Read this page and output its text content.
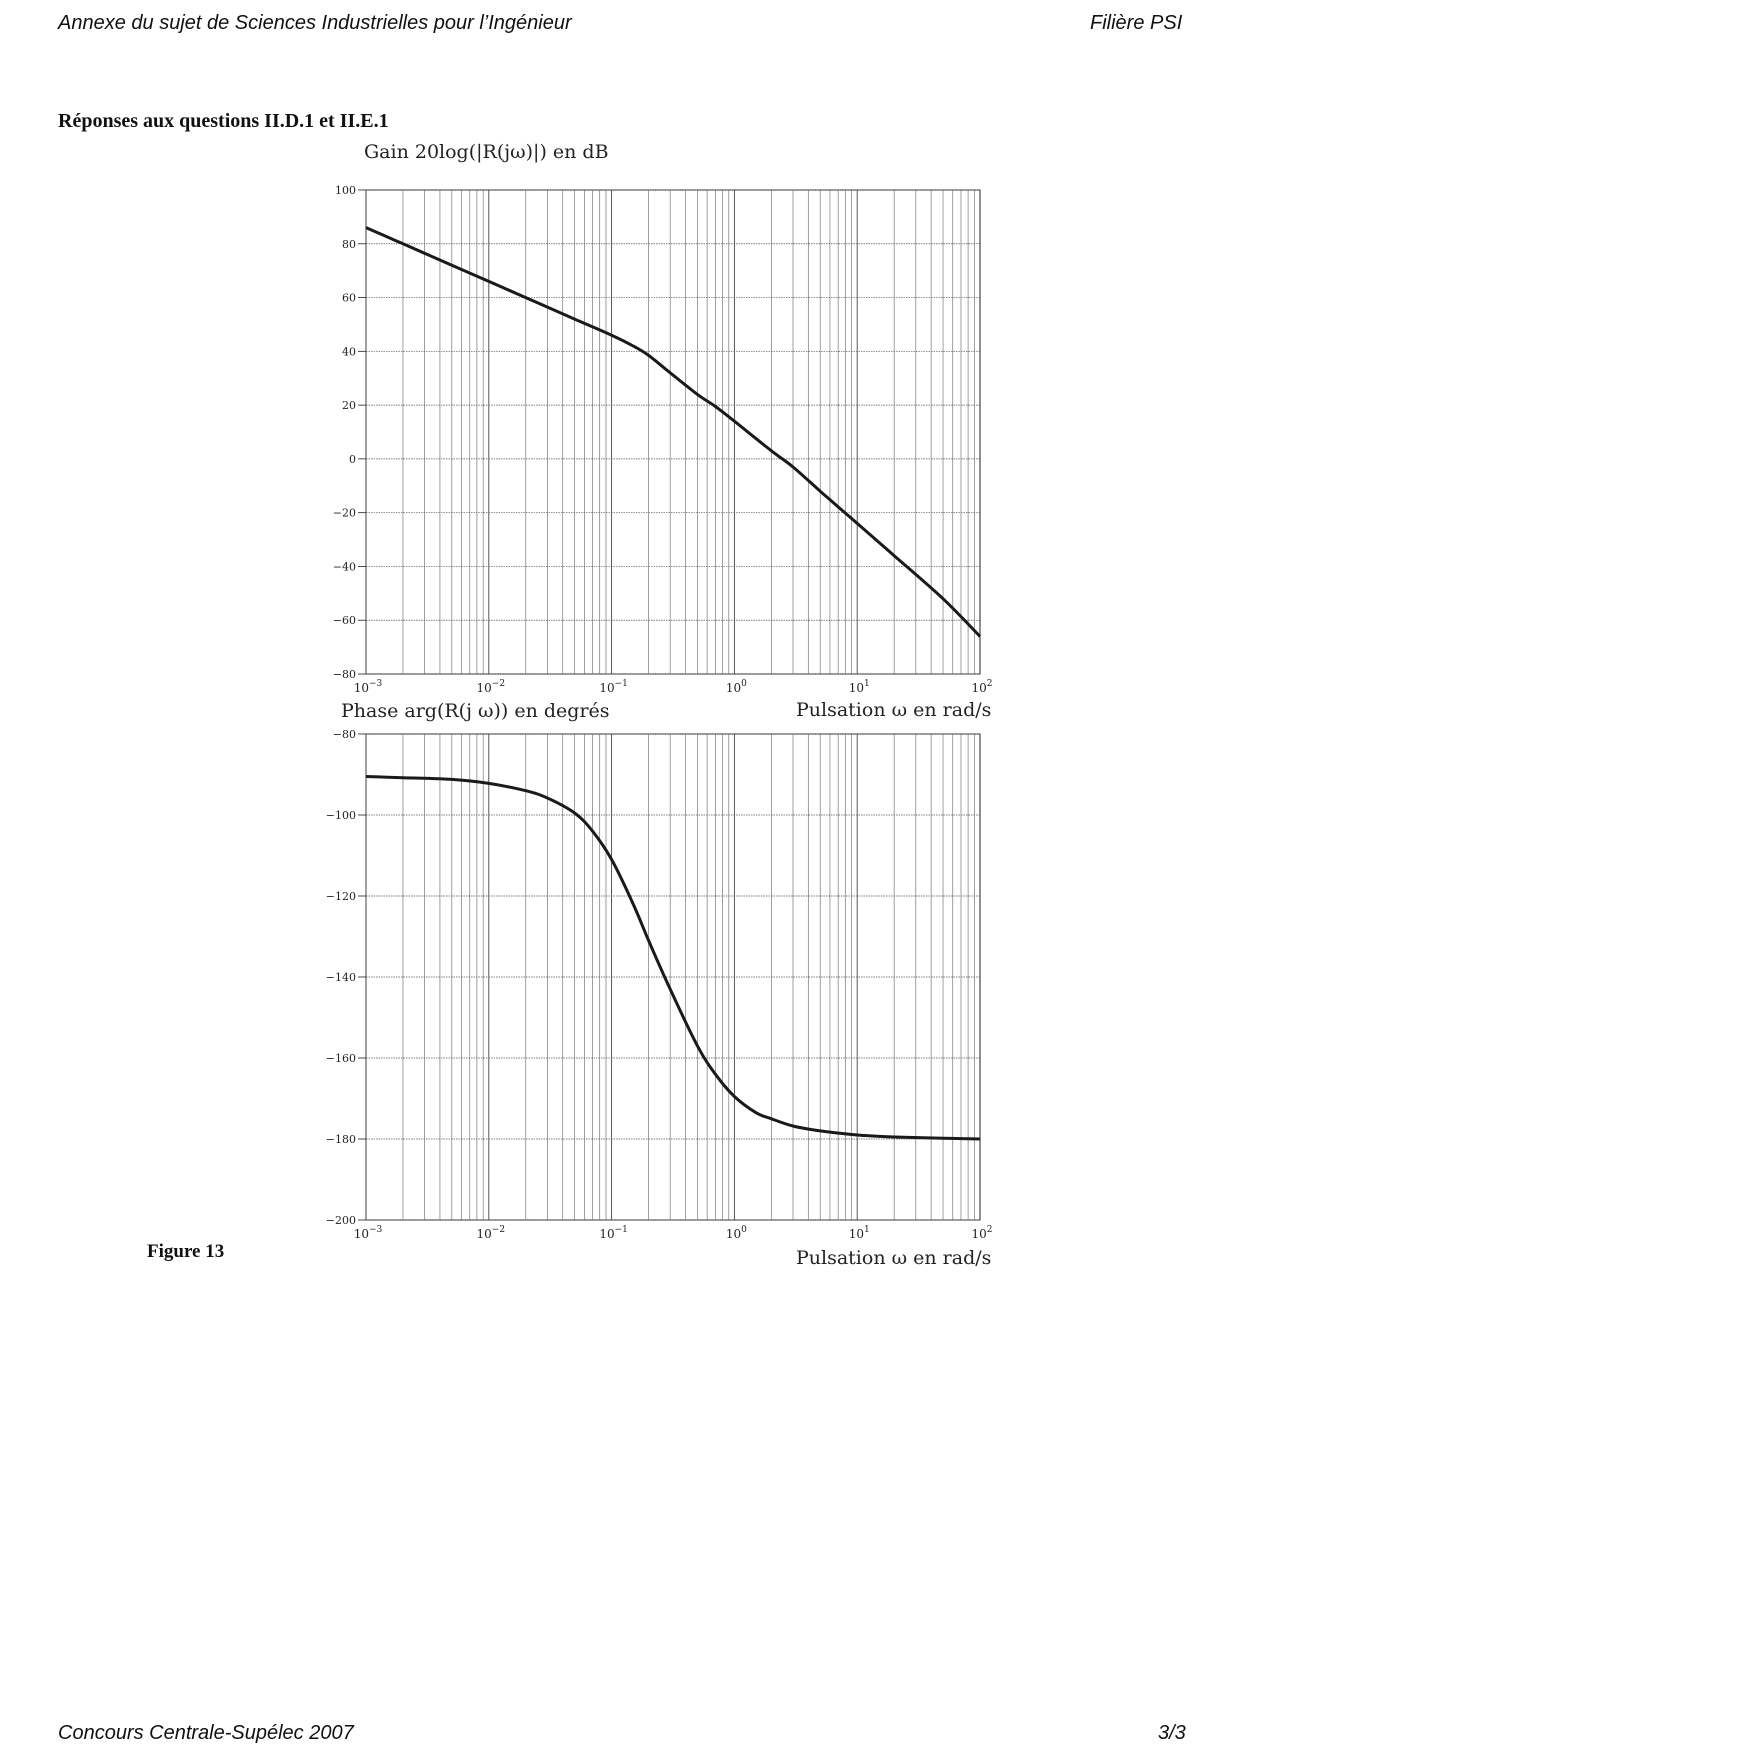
Annexe du sujet de Sciences Industrielles pour l’Ingénieur	Filière PSI
Réponses aux questions II.D.1 et II.E.1
100
80
60
40
20
0
−20
−40
−60
−80
$10^{-3}$	$10^{-2}$	$10^{-1}$	$10^0$	$10^1$	$10^2$
Gain 20log(|R(jω)|) en dB
Pulsation ω en rad/s
−80
−100
−120
−140
−160
−180
−200
$10^{-3}$	$10^{-2}$	$10^{-1}$	$10^0$	$10^1$	$10^2$
Phase arg(R(j ω)) en degrés
Pulsation ω en rad/s
Figure 13
Concours Centrale-Supélec 2007	3/3
